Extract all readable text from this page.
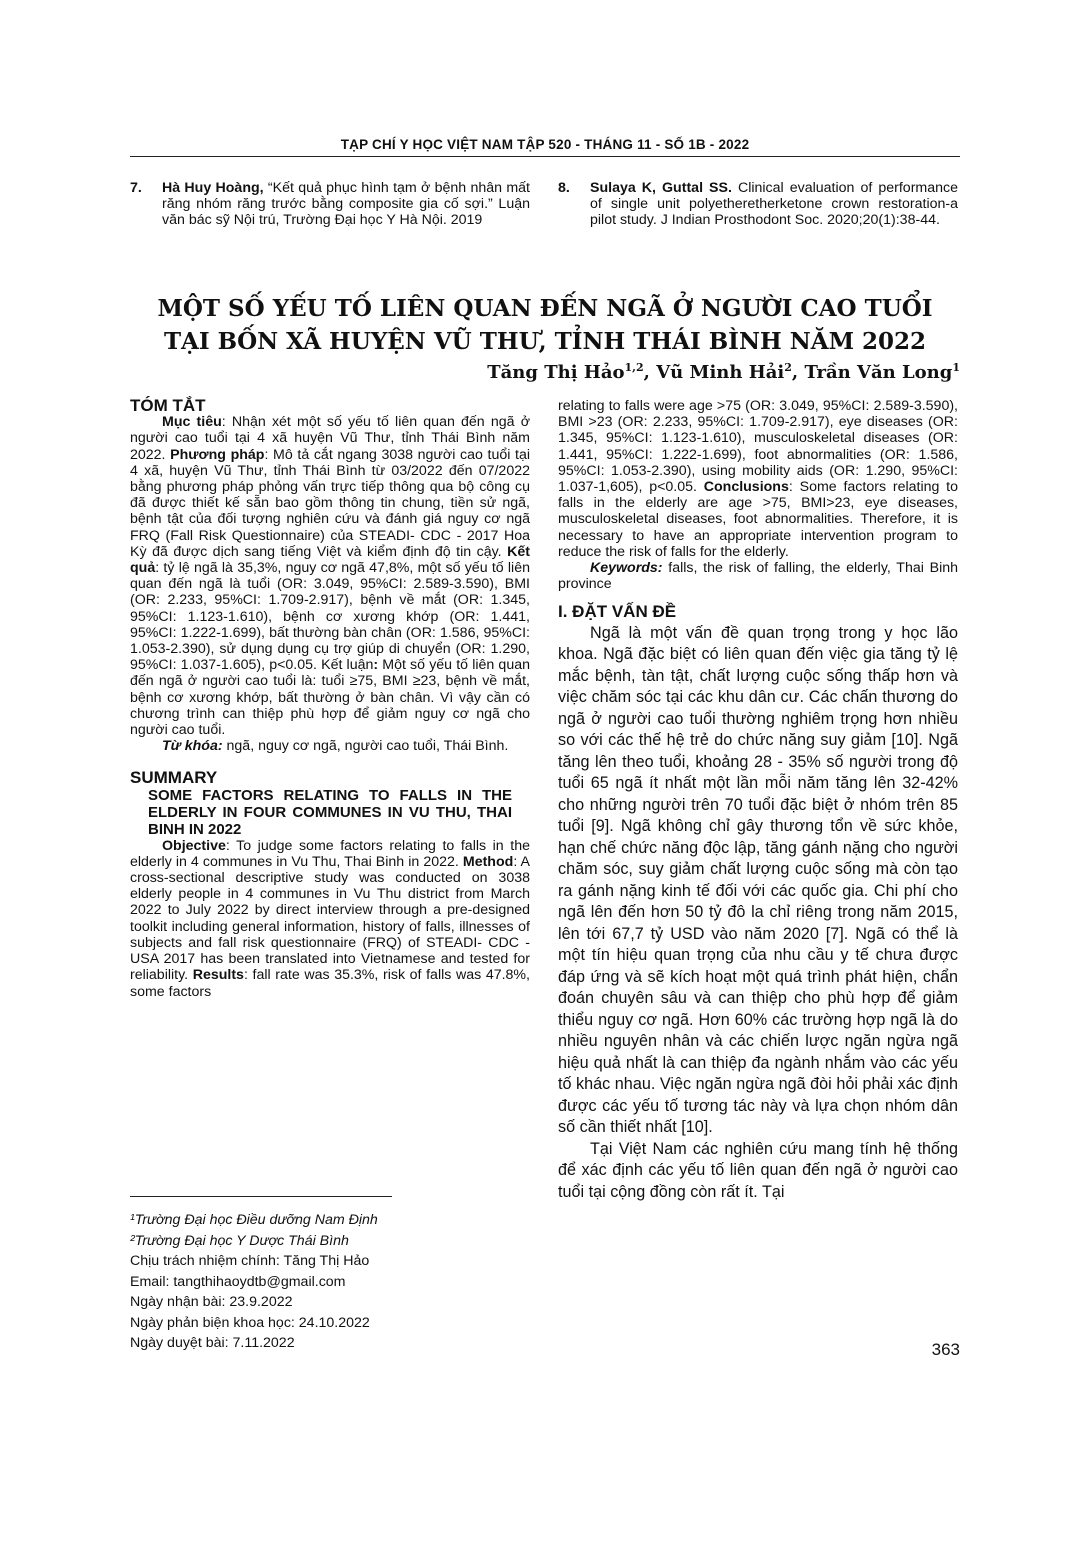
TẠP CHÍ Y HỌC VIỆT NAM TẬP 520 - THÁNG 11 - SỐ 1B - 2022
7. Hà Huy Hoàng, “Kết quả phục hình tạm ở bệnh nhân mất răng nhóm răng trước bằng composite gia cố sợi.” Luận văn bác sỹ Nội trú, Trường Đại học Y Hà Nội. 2019
8. Sulaya K, Guttal SS. Clinical evaluation of performance of single unit polyetheretherketone crown restoration-a pilot study. J Indian Prosthodont Soc. 2020;20(1):38-44.
MỘT SỐ YẾU TỐ LIÊN QUAN ĐẾN NGÃ Ở NGƯỜI CAO TUỔI
TẠI BỐN XÃ HUYỆN VŨ THƯ, TỈNH THÁI BÌNH NĂM 2022
Tăng Thị Hảo$^{1,2}$, Vũ Minh Hải$^2$, Trần Văn Long$^1$

TÓM TẮT

Mục tiêu: Nhận xét một số yếu tố liên quan đến ngã ở người cao tuổi tại 4 xã huyện Vũ Thư, tỉnh Thái Bình năm 2022. Phương pháp: Mô tả cắt ngang 3038 người cao tuổi tại 4 xã, huyện Vũ Thư, tỉnh Thái Bình từ 03/2022 đến 07/2022 bằng phương pháp phỏng vấn trực tiếp thông qua bộ công cụ đã được thiết kế sẵn bao gồm thông tin chung, tiền sử ngã, bệnh tật của đối tượng nghiên cứu và đánh giá nguy cơ ngã FRQ (Fall Risk Questionnaire) của STEADI- CDC - 2017 Hoa Kỳ đã được dịch sang tiếng Việt và kiểm định độ tin cậy. Kết quả: tỷ lệ ngã là 35,3%, nguy cơ ngã 47,8%, một số yếu tố liên quan đến ngã là tuổi (OR: 3.049, 95%CI: 2.589-3.590), BMI (OR: 2.233, 95%CI: 1.709-2.917), bệnh về mắt (OR: 1.345, 95%CI: 1.123-1.610), bệnh cơ xương khớp (OR: 1.441, 95%CI: 1.222-1.699), bất thường bàn chân (OR: 1.586, 95%CI: 1.053-2.390), sử dụng dụng cụ trợ giúp di chuyển (OR: 1.290, 95%CI: 1.037-1.605), p<0.05. Kết luận: Một số yếu tố liên quan đến ngã ở người cao tuổi là: tuổi ≥75, BMI ≥23, bệnh về mắt, bệnh cơ xương khớp, bất thường ở bàn chân. Vì vậy cần có chương trình can thiệp phù hợp để giảm nguy cơ ngã cho người cao tuổi.

Từ khóa: ngã, nguy cơ ngã, người cao tuổi, Thái Bình.

SUMMARY

SOME FACTORS RELATING TO FALLS IN THE ELDERLY IN FOUR COMMUNES IN VU THU, THAI BINH IN 2022

Objective: To judge some factors relating to falls in the elderly in 4 communes in Vu Thu, Thai Binh in 2022. Method: A cross-sectional descriptive study was conducted on 3038 elderly people in 4 communes in Vu Thu district from March 2022 to July 2022 by direct interview through a pre-designed toolkit including general information, history of falls, illnesses of subjects and fall risk questionnaire (FRQ) of STEADI- CDC - USA 2017 has been translated into Vietnamese and tested for reliability. Results: fall rate was 35.3%, risk of falls was 47.8%, some factors

¹Trường Đại học Điều dưỡng Nam Định
²Trường Đại học Y Dược Thái Bình
Chịu trách nhiệm chính: Tăng Thị Hảo
Email: tangthihaoydtb@gmail.com
Ngày nhận bài: 23.9.2022
Ngày phản biện khoa học: 24.10.2022
Ngày duyệt bài: 7.11.2022

relating to falls were age >75 (OR: 3.049, 95%CI: 2.589-3.590), BMI >23 (OR: 2.233, 95%CI: 1.709-2.917), eye diseases (OR: 1.345, 95%CI: 1.123-1.610), musculoskeletal diseases (OR: 1.441, 95%CI: 1.222-1.699), foot abnormalities (OR: 1.586, 95%CI: 1.053-2.390), using mobility aids (OR: 1.290, 95%CI: 1.037-1,605), p<0.05. Conclusions: Some factors relating to falls in the elderly are age >75, BMI>23, eye diseases, musculoskeletal diseases, foot abnormalities. Therefore, it is necessary to have an appropriate intervention program to reduce the risk of falls for the elderly.

Keywords: falls, the risk of falling, the elderly, Thai Binh province

I. ĐẶT VẤN ĐỀ

Ngã là một vấn đề quan trọng trong y học lão khoa. Ngã đặc biệt có liên quan đến việc gia tăng tỷ lệ mắc bệnh, tàn tật, chất lượng cuộc sống thấp hơn và việc chăm sóc tại các khu dân cư. Các chấn thương do ngã ở người cao tuổi thường nghiêm trọng hơn nhiều so với các thế hệ trẻ do chức năng suy giảm [10]. Ngã tăng lên theo tuổi, khoảng 28 - 35% số người trong độ tuổi 65 ngã ít nhất một lần mỗi năm tăng lên 32-42% cho những người trên 70 tuổi đặc biệt ở nhóm trên 85 tuổi [9]. Ngã không chỉ gây thương tổn về sức khỏe, hạn chế chức năng độc lập, tăng gánh nặng cho người chăm sóc, suy giảm chất lượng cuộc sống mà còn tạo ra gánh nặng kinh tế đối với các quốc gia. Chi phí cho ngã lên đến hơn 50 tỷ đô la chỉ riêng trong năm 2015, lên tới 67,7 tỷ USD vào năm 2020 [7]. Ngã có thể là một tín hiệu quan trọng của nhu cầu y tế chưa được đáp ứng và sẽ kích hoạt một quá trình phát hiện, chẩn đoán chuyên sâu và can thiệp cho phù hợp để giảm thiểu nguy cơ ngã. Hơn 60% các trường hợp ngã là do nhiều nguyên nhân và các chiến lược ngăn ngừa ngã hiệu quả nhất là can thiệp đa ngành nhắm vào các yếu tố khác nhau. Việc ngăn ngừa ngã đòi hỏi phải xác định được các yếu tố tương tác này và lựa chọn nhóm dân số cần thiết nhất [10].

Tại Việt Nam các nghiên cứu mang tính hệ thống để xác định các yếu tố liên quan đến ngã ở người cao tuổi tại cộng đồng còn rất ít. Tại

363
